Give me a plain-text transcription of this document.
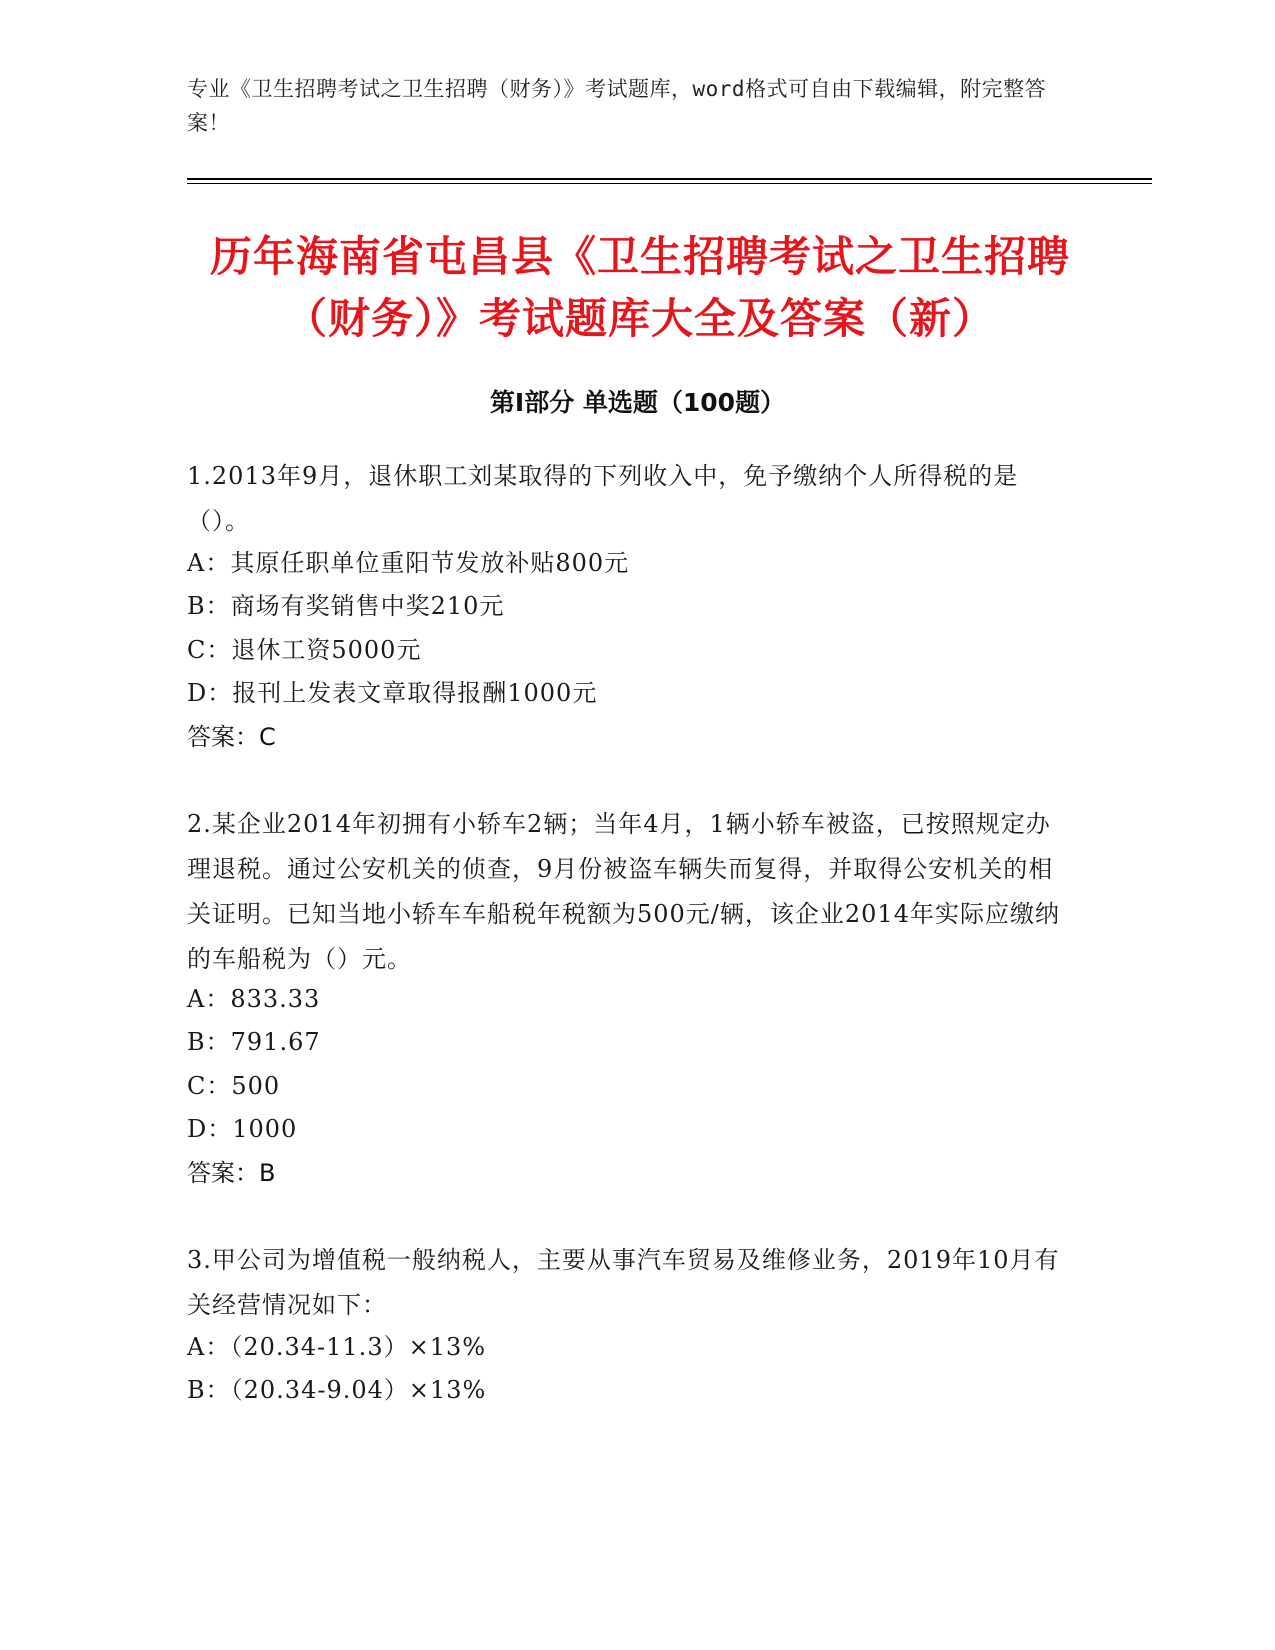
专业《卫生招聘考试之卫生招聘（财务）》考试题库，word格式可自由下载编辑，附完整答案！
历年海南省屯昌县《卫生招聘考试之卫生招聘（财务）》考试题库大全及答案（新）
第Ⅰ部分 单选题（100题）
1.2013年9月，退休职工刘某取得的下列收入中，免予缴纳个人所得税的是（）。
A：其原任职单位重阳节发放补贴800元
B：商场有奖销售中奖210元
C：退休工资5000元
D：报刊上发表文章取得报酬1000元
答案：C
2.某企业2014年初拥有小轿车2辆；当年4月，1辆小轿车被盗，已按照规定办理退税。通过公安机关的侦查，9月份被盗车辆失而复得，并取得公安机关的相关证明。已知当地小轿车车船税年税额为500元/辆，该企业2014年实际应缴纳的车船税为（）元。
A：833.33
B：791.67
C：500
D：1000
答案：B
3.甲公司为增值税一般纳税人，主要从事汽车贸易及维修业务，2019年10月有关经营情况如下：
A：（20.34-11.3）×13%
B：（20.34-9.04）×13%
